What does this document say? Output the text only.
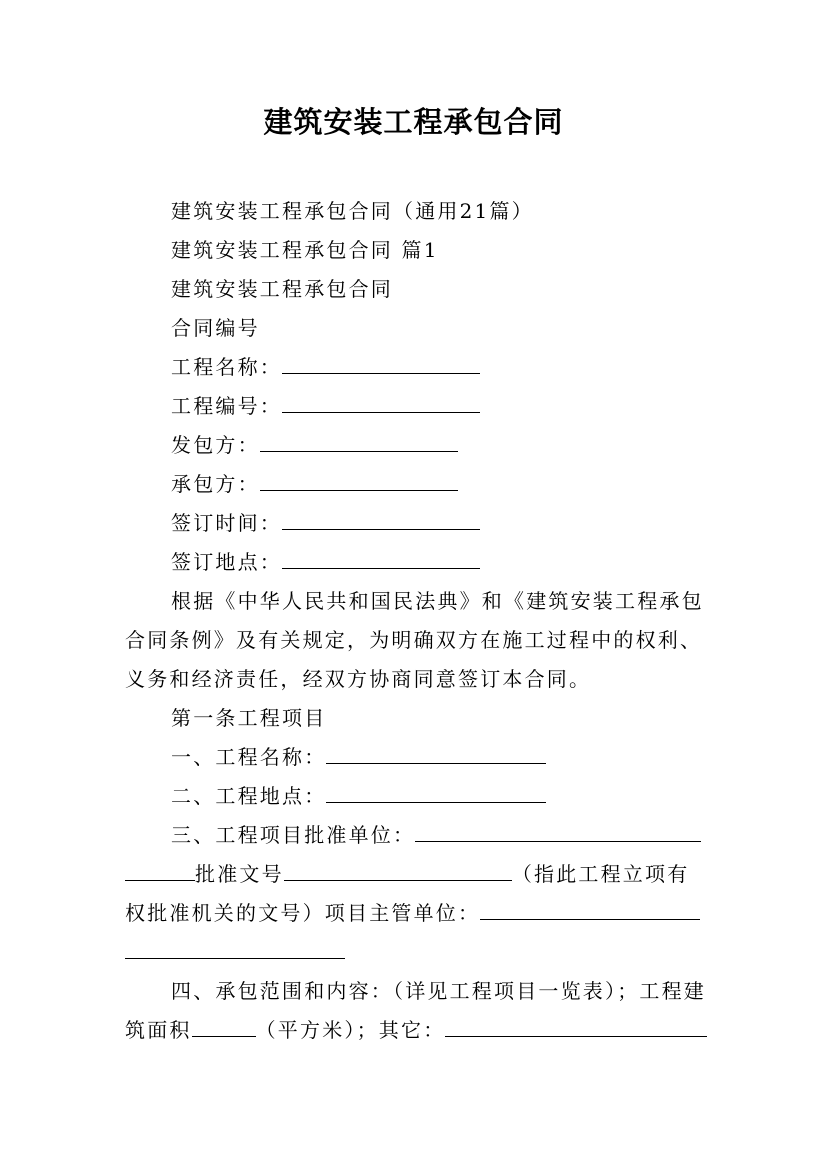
建筑安装工程承包合同
建筑安装工程承包合同（通用21篇）
建筑安装工程承包合同 篇1
建筑安装工程承包合同
合同编号
工程名称：
工程编号：
发包方：
承包方：
签订时间：
签订地点：
根据《中华人民共和国民法典》和《建筑安装工程承包
合同条例》及有关规定，为明确双方在施工过程中的权利、
义务和经济责任，经双方协商同意签订本合同。
第一条工程项目
一、工程名称：
二、工程地点：
三、工程项目批准单位：
批准文号	（指此工程立项有
权批准机关的文号）项目主管单位：
四、承包范围和内容：（详见工程项目一览表）；工程建
筑面积	（平方米）；其它：
